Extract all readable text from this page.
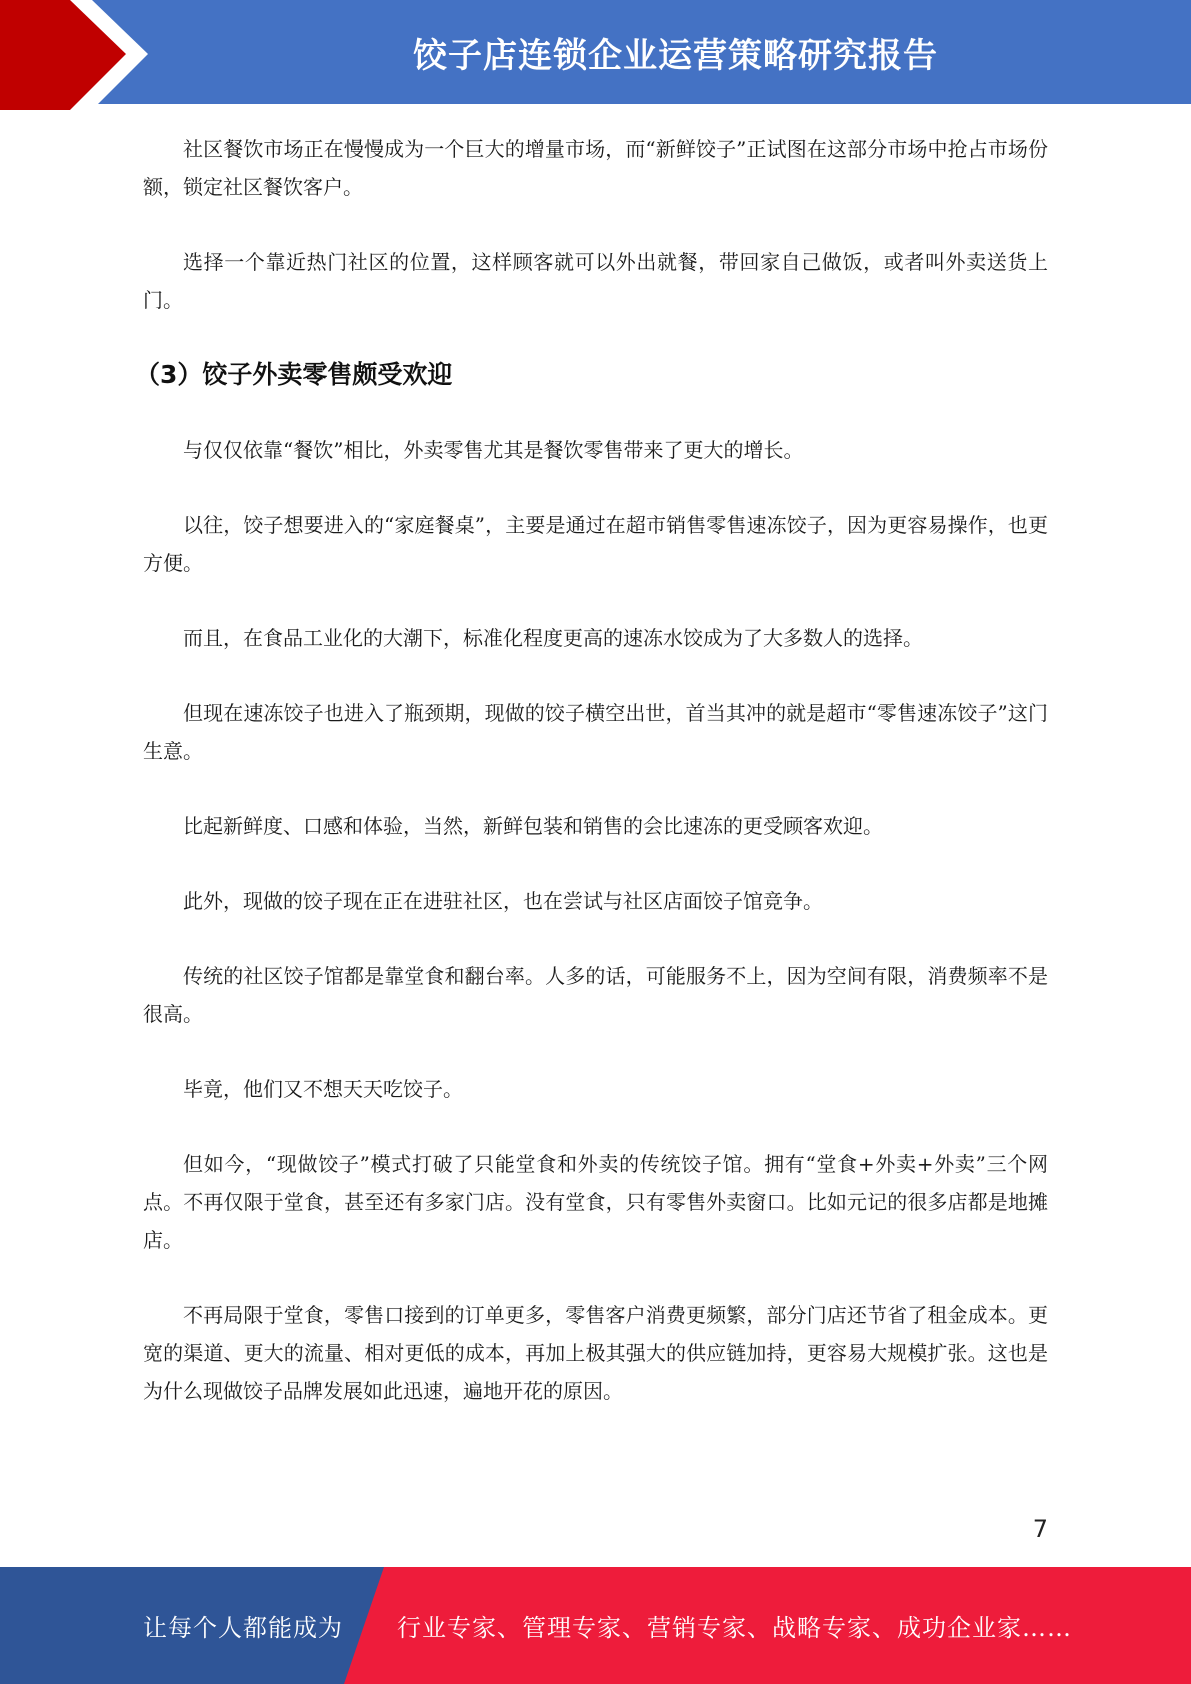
饺子店连锁企业运营策略研究报告

社区餐饮市场正在慢慢成为一个巨大的增量市场，而“新鲜饺子”正试图在这部分市场中抢占市场份额，锁定社区餐饮客户。

选择一个靠近热门社区的位置，这样顾客就可以外出就餐，带回家自己做饭，或者叫外卖送货上门。

（3）饺子外卖零售颇受欢迎

与仅仅依靠“餐饮”相比，外卖零售尤其是餐饮零售带来了更大的增长。

以往，饺子想要进入的“家庭餐桌”，主要是通过在超市销售零售速冻饺子，因为更容易操作，也更方便。

而且，在食品工业化的大潮下，标准化程度更高的速冻水饺成为了大多数人的选择。

但现在速冻饺子也进入了瓶颈期，现做的饺子横空出世，首当其冲的就是超市“零售速冻饺子”这门生意。

比起新鲜度、口感和体验，当然，新鲜包装和销售的会比速冻的更受顾客欢迎。

此外，现做的饺子现在正在进驻社区，也在尝试与社区店面饺子馆竞争。

传统的社区饺子馆都是靠堂食和翻台率。人多的话，可能服务不上，因为空间有限，消费频率不是很高。

毕竟，他们又不想天天吃饺子。

但如今，“现做饺子”模式打破了只能堂食和外卖的传统饺子馆。拥有“堂食+外卖+外卖”三个网点。不再仅限于堂食，甚至还有多家门店。没有堂食，只有零售外卖窗口。比如元记的很多店都是地摊店。

不再局限于堂食，零售口接到的订单更多，零售客户消费更频繁，部分门店还节省了租金成本。更宽的渠道、更大的流量、相对更低的成本，再加上极其强大的供应链加持，更容易大规模扩张。这也是为什么现做饺子品牌发展如此迅速，遍地开花的原因。

7
让每个人都能成为 行业专家、管理专家、营销专家、战略专家、成功企业家……
